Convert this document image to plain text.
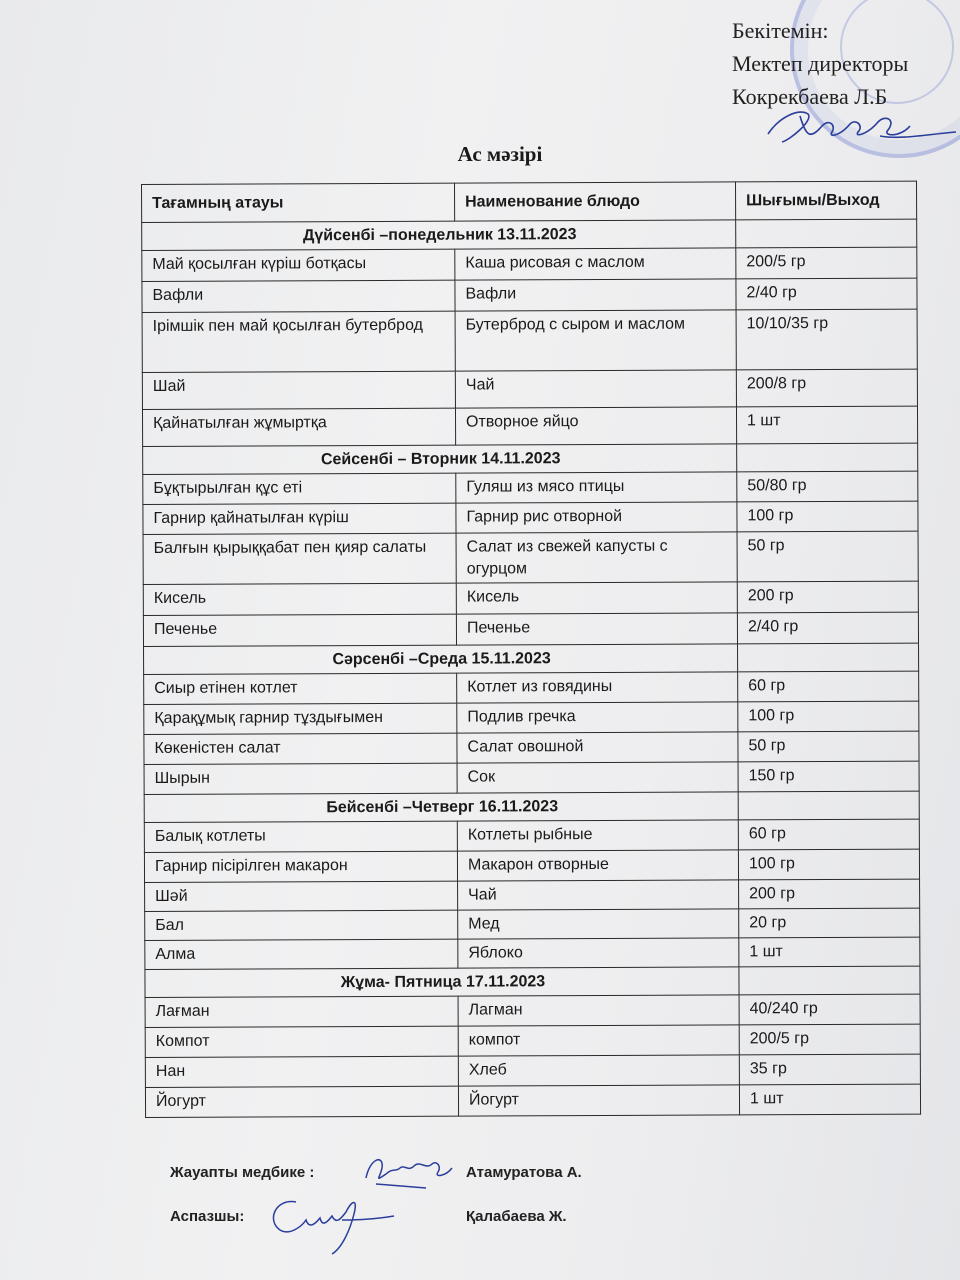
Бекітемін:
Мектеп директоры
Кокрекбаева Л.Б
Ас мәзірі
Тағамның атауы	Наименование блюдо	Шығымы/Выход
Дүйсенбі –понедельник 13.11.2023		
Май қосылған күріш ботқасы	Каша рисовая с маслом	200/5 гр
Вафли	Вафли	2/40 гр
Ірімшік пен май қосылған бутерброд	Бутерброд с сыром и маслом	10/10/35 гр
Шай	Чай	200/8 гр
Қайнатылған жұмыртқа	Отворное яйцо	1 шт
Сейсенбі – Вторник 14.11.2023		
Бұқтырылған құс еті	Гуляш из мясо птицы	50/80 гр
Гарнир қайнатылған күріш	Гарнир рис отворной	100 гр
Балғын қырыққабат пен қияр салаты	Салат из свежей капусты с огурцом	50 гр
Кисель	Кисель	200 гр
Печенье	Печенье	2/40 гр
Сәрсенбі –Среда 15.11.2023		
Сиыр етінен котлет	Котлет из говядины	60 гр
Қарақұмық гарнир тұздығымен	Подлив гречка	100 гр
Көкеністен салат	Салат овошной	50 гр
Шырын	Сок	150 гр
Бейсенбі –Четверг 16.11.2023		
Балық котлеты	Котлеты рыбные	60 гр
Гарнир пісірілген макарон	Макарон отворные	100 гр
Шәй	Чай	200 гр
Бал	Мед	20 гр
Алма	Яблоко	1 шт
Жұма- Пятница 17.11.2023		
Лағман	Лагман	40/240 гр
Компот	компот	200/5 гр
Нан	Хлеб	35 гр
Йогурт	Йогурт	1 шт
Жауапты медбике :	Атамуратова А.
Аспазшы:	Қалабаева Ж.
